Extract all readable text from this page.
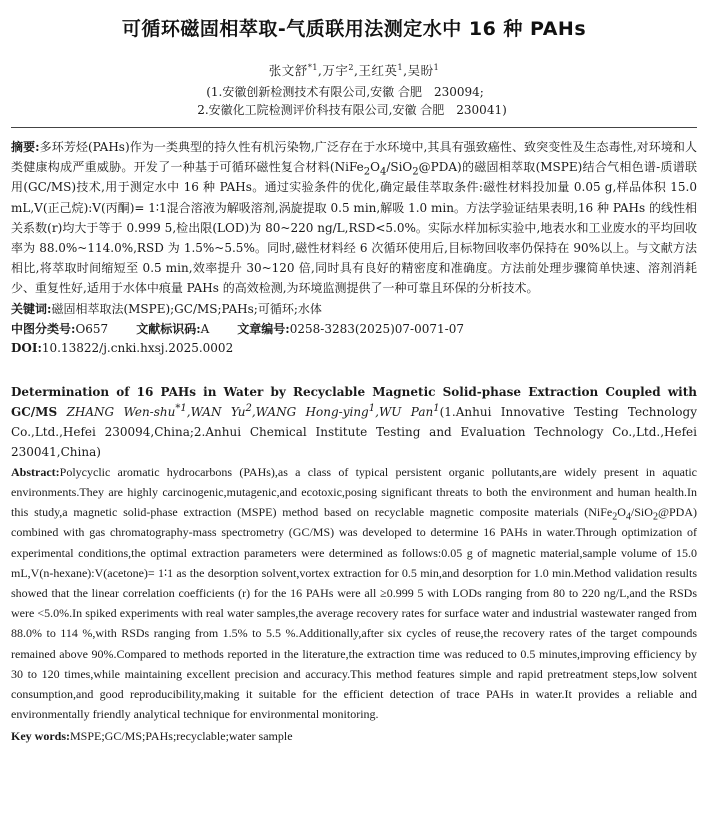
可循环磁固相萃取-气质联用法测定水中 16 种 PAHs
张文舒$^{*1}$,万宇$^2$,王红英$^1$,吴盼$^1$
(1.安徽创新检测技术有限公司,安徽 合肥　230094;
2.安徽化工院检测评价科技有限公司,安徽 合肥　230041)
摘要:多环芳烃(PAHs)作为一类典型的持久性有机污染物,广泛存在于水环境中,其具有强致癌性、致突变性及生态毒性,对环境和人类健康构成严重威胁。开发了一种基于可循环磁性复合材料$(NiFe_2O_4/SiO_2@PDA)$的磁固相萃取(MSPE)结合气相色谱-质谱联用(GC/MS)技术,用于测定水中 16 种 PAHs。通过实验条件的优化,确定最佳萃取条件:磁性材料投加量 0.05 g,样品体积 15.0 mL,V(正己烷):V(丙酮)= 1∶1混合溶液为解吸溶剂,涡旋提取 0.5 min,解吸 1.0 min。方法学验证结果表明,16 种 PAHs 的线性相关系数(r)均大于等于 0.999 5,检出限(LOD)为 80~220 ng/L,RSD<5.0%。实际水样加标实验中,地表水和工业废水的平均回收率为 88.0%~114.0%,RSD 为 1.5%~5.5%。同时,磁性材料经 6 次循环使用后,目标物回收率仍保持在 90%以上。与文献方法相比,将萃取时间缩短至 0.5 min,效率提升 30~120 倍,同时具有良好的精密度和准确度。方法前处理步骤简单快速、溶剂消耗少、重复性好,适用于水体中痕量 PAHs 的高效检测,为环境监测提供了一种可靠且环保的分析技术。
关键词:磁固相萃取法(MSPE);GC/MS;PAHs;可循环;水体
中图分类号:O657 文献标识码:A 文章编号:0258-3283(2025)07-0071-07
DOI:10.13822/j.cnki.hxsj.2025.0002
Determination of 16 PAHs in Water by Recyclable Magnetic Solid-phase Extraction Coupled with GC/MS ZHANG Wen-shu$^{*1}$,WAN Yu$^2$,WANG Hong-ying$^1$,WU Pan$^1$(1.Anhui Innovative Testing Technology Co.,Ltd.,Hefei 230094,China;2.Anhui Chemical Institute Testing and Evaluation Technology Co.,Ltd.,Hefei 230041,China)
Abstract:Polycyclic aromatic hydrocarbons (PAHs),as a class of typical persistent organic pollutants,are widely present in aquatic environments.They are highly carcinogenic,mutagenic,and ecotoxic,posing significant threats to both the environment and human health.In this study,a magnetic solid-phase extraction (MSPE) method based on recyclable magnetic composite materials $(NiFe_2O_4/SiO_2@PDA)$ combined with gas chromatography-mass spectrometry (GC/MS) was developed to determine 16 PAHs in water.Through optimization of experimental conditions,the optimal extraction parameters were determined as follows:0.05 g of magnetic material,sample volume of 15.0 mL,V(n-hexane):V(acetone)= 1∶1 as the desorption solvent,vortex extraction for 0.5 min,and desorption for 1.0 min.Method validation results showed that the linear correlation coefficients (r) for the 16 PAHs were all ≥0.999 5 with LODs ranging from 80 to 220 ng/L,and the RSDs were <5.0%.In spiked experiments with real water samples,the average recovery rates for surface water and industrial wastewater ranged from 88.0% to 114 %,with RSDs ranging from 1.5% to 5.5 %.Additionally,after six cycles of reuse,the recovery rates of the target compounds remained above 90%.Compared to methods reported in the literature,the extraction time was reduced to 0.5 minutes,improving efficiency by 30 to 120 times,while maintaining excellent precision and accuracy.This method features simple and rapid pretreatment steps,low solvent consumption,and good reproducibility,making it suitable for the efficient detection of trace PAHs in water.It provides a reliable and environmentally friendly analytical technique for environmental monitoring.
Key words:MSPE;GC/MS;PAHs;recyclable;water sample
